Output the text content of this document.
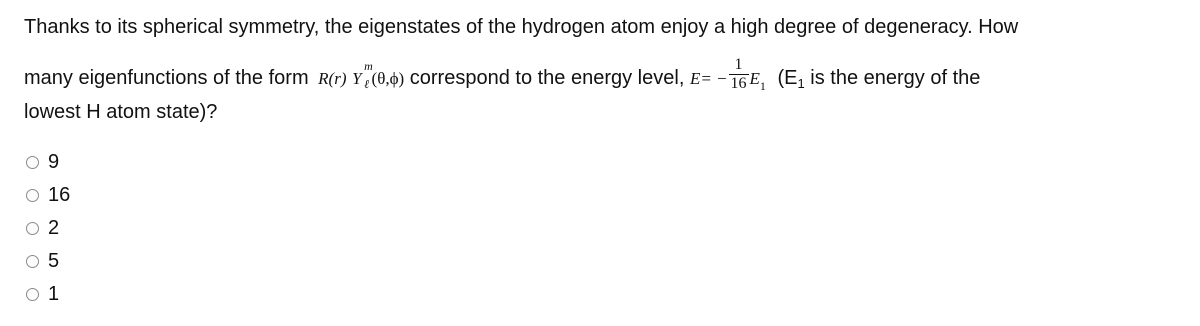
Thanks to its spherical symmetry, the eigenstates of the hydrogen atom enjoy a high degree of degeneracy. How
many eigenfunctions of the form R(r) Y
m
ℓ (θ,ϕ) correspond to the energy level, $E= - \frac{1}{16} E_1$ ($E_1$ is the energy of the
lowest H atom state)?
9
16
2
5
1
